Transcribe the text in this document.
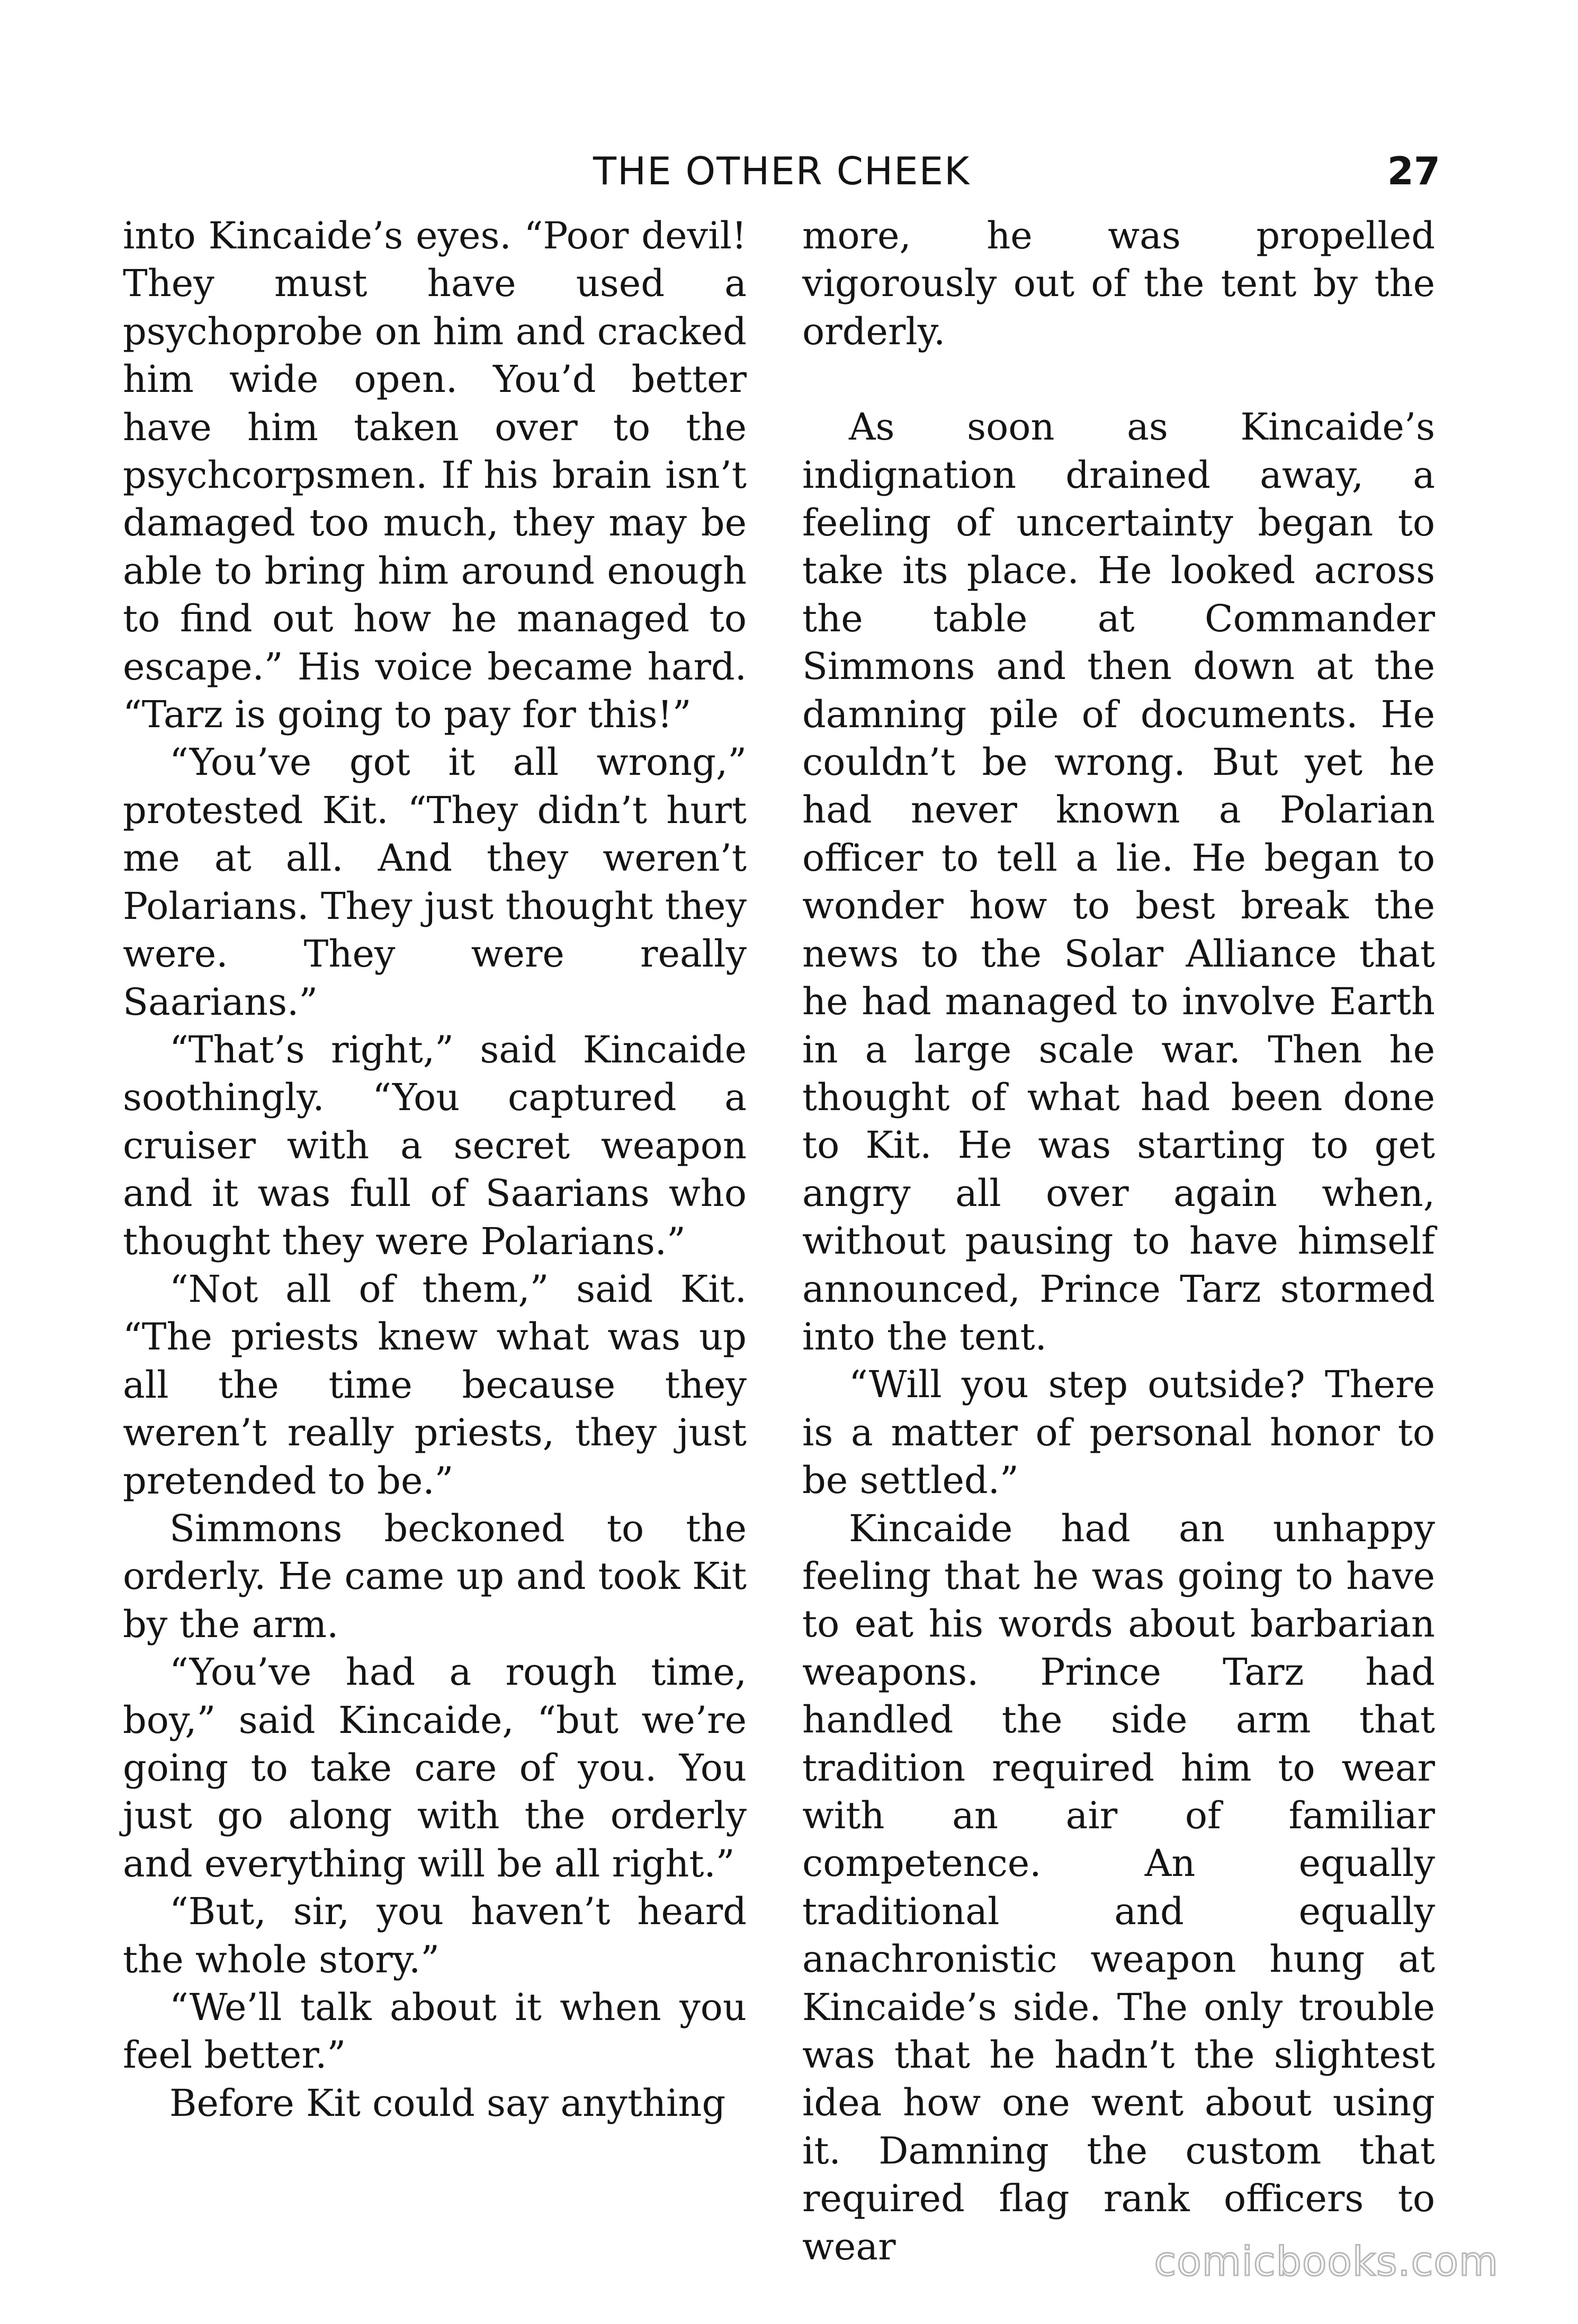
THE OTHER CHEEK	27

into Kincaide’s eyes. “Poor devil! They must have used a psychoprobe on him and cracked him wide open. You’d better have him taken over to the psychcorpsmen. If his brain isn’t damaged too much, they may be able to bring him around enough to find out how he managed to escape.” His voice became hard. “Tarz is going to pay for this!”

“You’ve got it all wrong,” protested Kit. “They didn’t hurt me at all. And they weren’t Polarians. They just thought they were. They were really Saarians.”

“That’s right,” said Kincaide soothingly. “You captured a cruiser with a secret weapon and it was full of Saarians who thought they were Polarians.”

“Not all of them,” said Kit. “The priests knew what was up all the time because they weren’t really priests, they just pretended to be.”

Simmons beckoned to the orderly. He came up and took Kit by the arm.

“You’ve had a rough time, boy,” said Kincaide, “but we’re going to take care of you. You just go along with the orderly and everything will be all right.”

“But, sir, you haven’t heard the whole story.”

“We’ll talk about it when you feel better.”

Before Kit could say anything

more, he was propelled vigorously out of the tent by the orderly.

As soon as Kincaide’s indignation drained away, a feeling of uncertainty began to take its place. He looked across the table at Commander Simmons and then down at the damning pile of documents. He couldn’t be wrong. But yet he had never known a Polarian officer to tell a lie. He began to wonder how to best break the news to the Solar Alliance that he had managed to involve Earth in a large scale war. Then he thought of what had been done to Kit. He was starting to get angry all over again when, without pausing to have himself announced, Prince Tarz stormed into the tent.

“Will you step outside? There is a matter of personal honor to be settled.”

Kincaide had an unhappy feeling that he was going to have to eat his words about barbarian weapons. Prince Tarz had handled the side arm that tradition required him to wear with an air of familiar competence. An equally traditional and equally anachronistic weapon hung at Kincaide’s side. The only trouble was that he hadn’t the slightest idea how one went about using it. Damning the custom that required flag rank officers to wear	comicbooks.com
